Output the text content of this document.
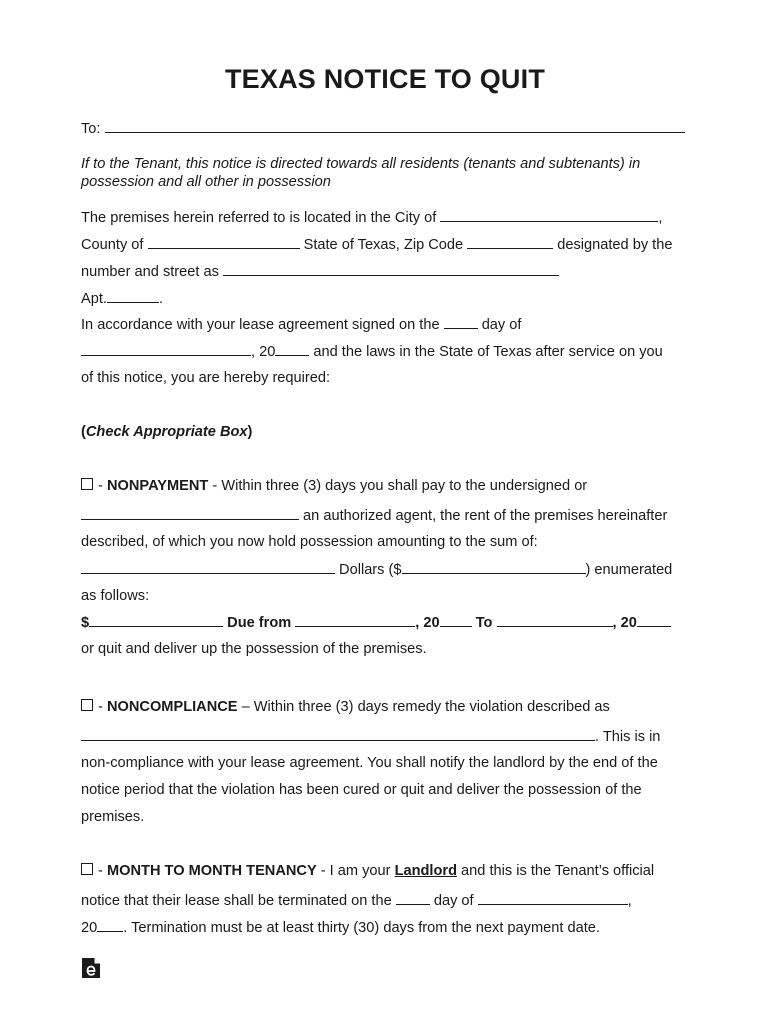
TEXAS NOTICE TO QUIT
To:
If to the Tenant, this notice is directed towards all residents (tenants and subtenants) in
possession and all other in possession
The premises herein referred to is located in the City of	,
County of	State of Texas, Zip Code	designated by the
number and street as
Apt.	.
In accordance with your lease agreement signed on the  day of
, 20 and the laws in the State of Texas after service on you
of this notice, you are hereby required:
(Check Appropriate Box)
- NONPAYMENT - Within three (3) days you shall pay to the undersigned or
an authorized agent, the rent of the premises hereinafter
described, of which you now hold possession amounting to the sum of:
Dollars ($	) enumerated
as follows:
$	Due from	, 20 To	, 20
or quit and deliver up the possession of the premises.
- NONCOMPLIANCE – Within three (3) days remedy the violation described as
. This is in
non-compliance with your lease agreement. You shall notify the landlord by the end of the
notice period that the violation has been cured or quit and deliver the possession of the
premises.
- MONTH TO MONTH TENANCY - I am your Landlord and this is the Tenant’s official
notice that their lease shall be terminated on the  day of	,
20 . Termination must be at least thirty (30) days from the next payment date.
